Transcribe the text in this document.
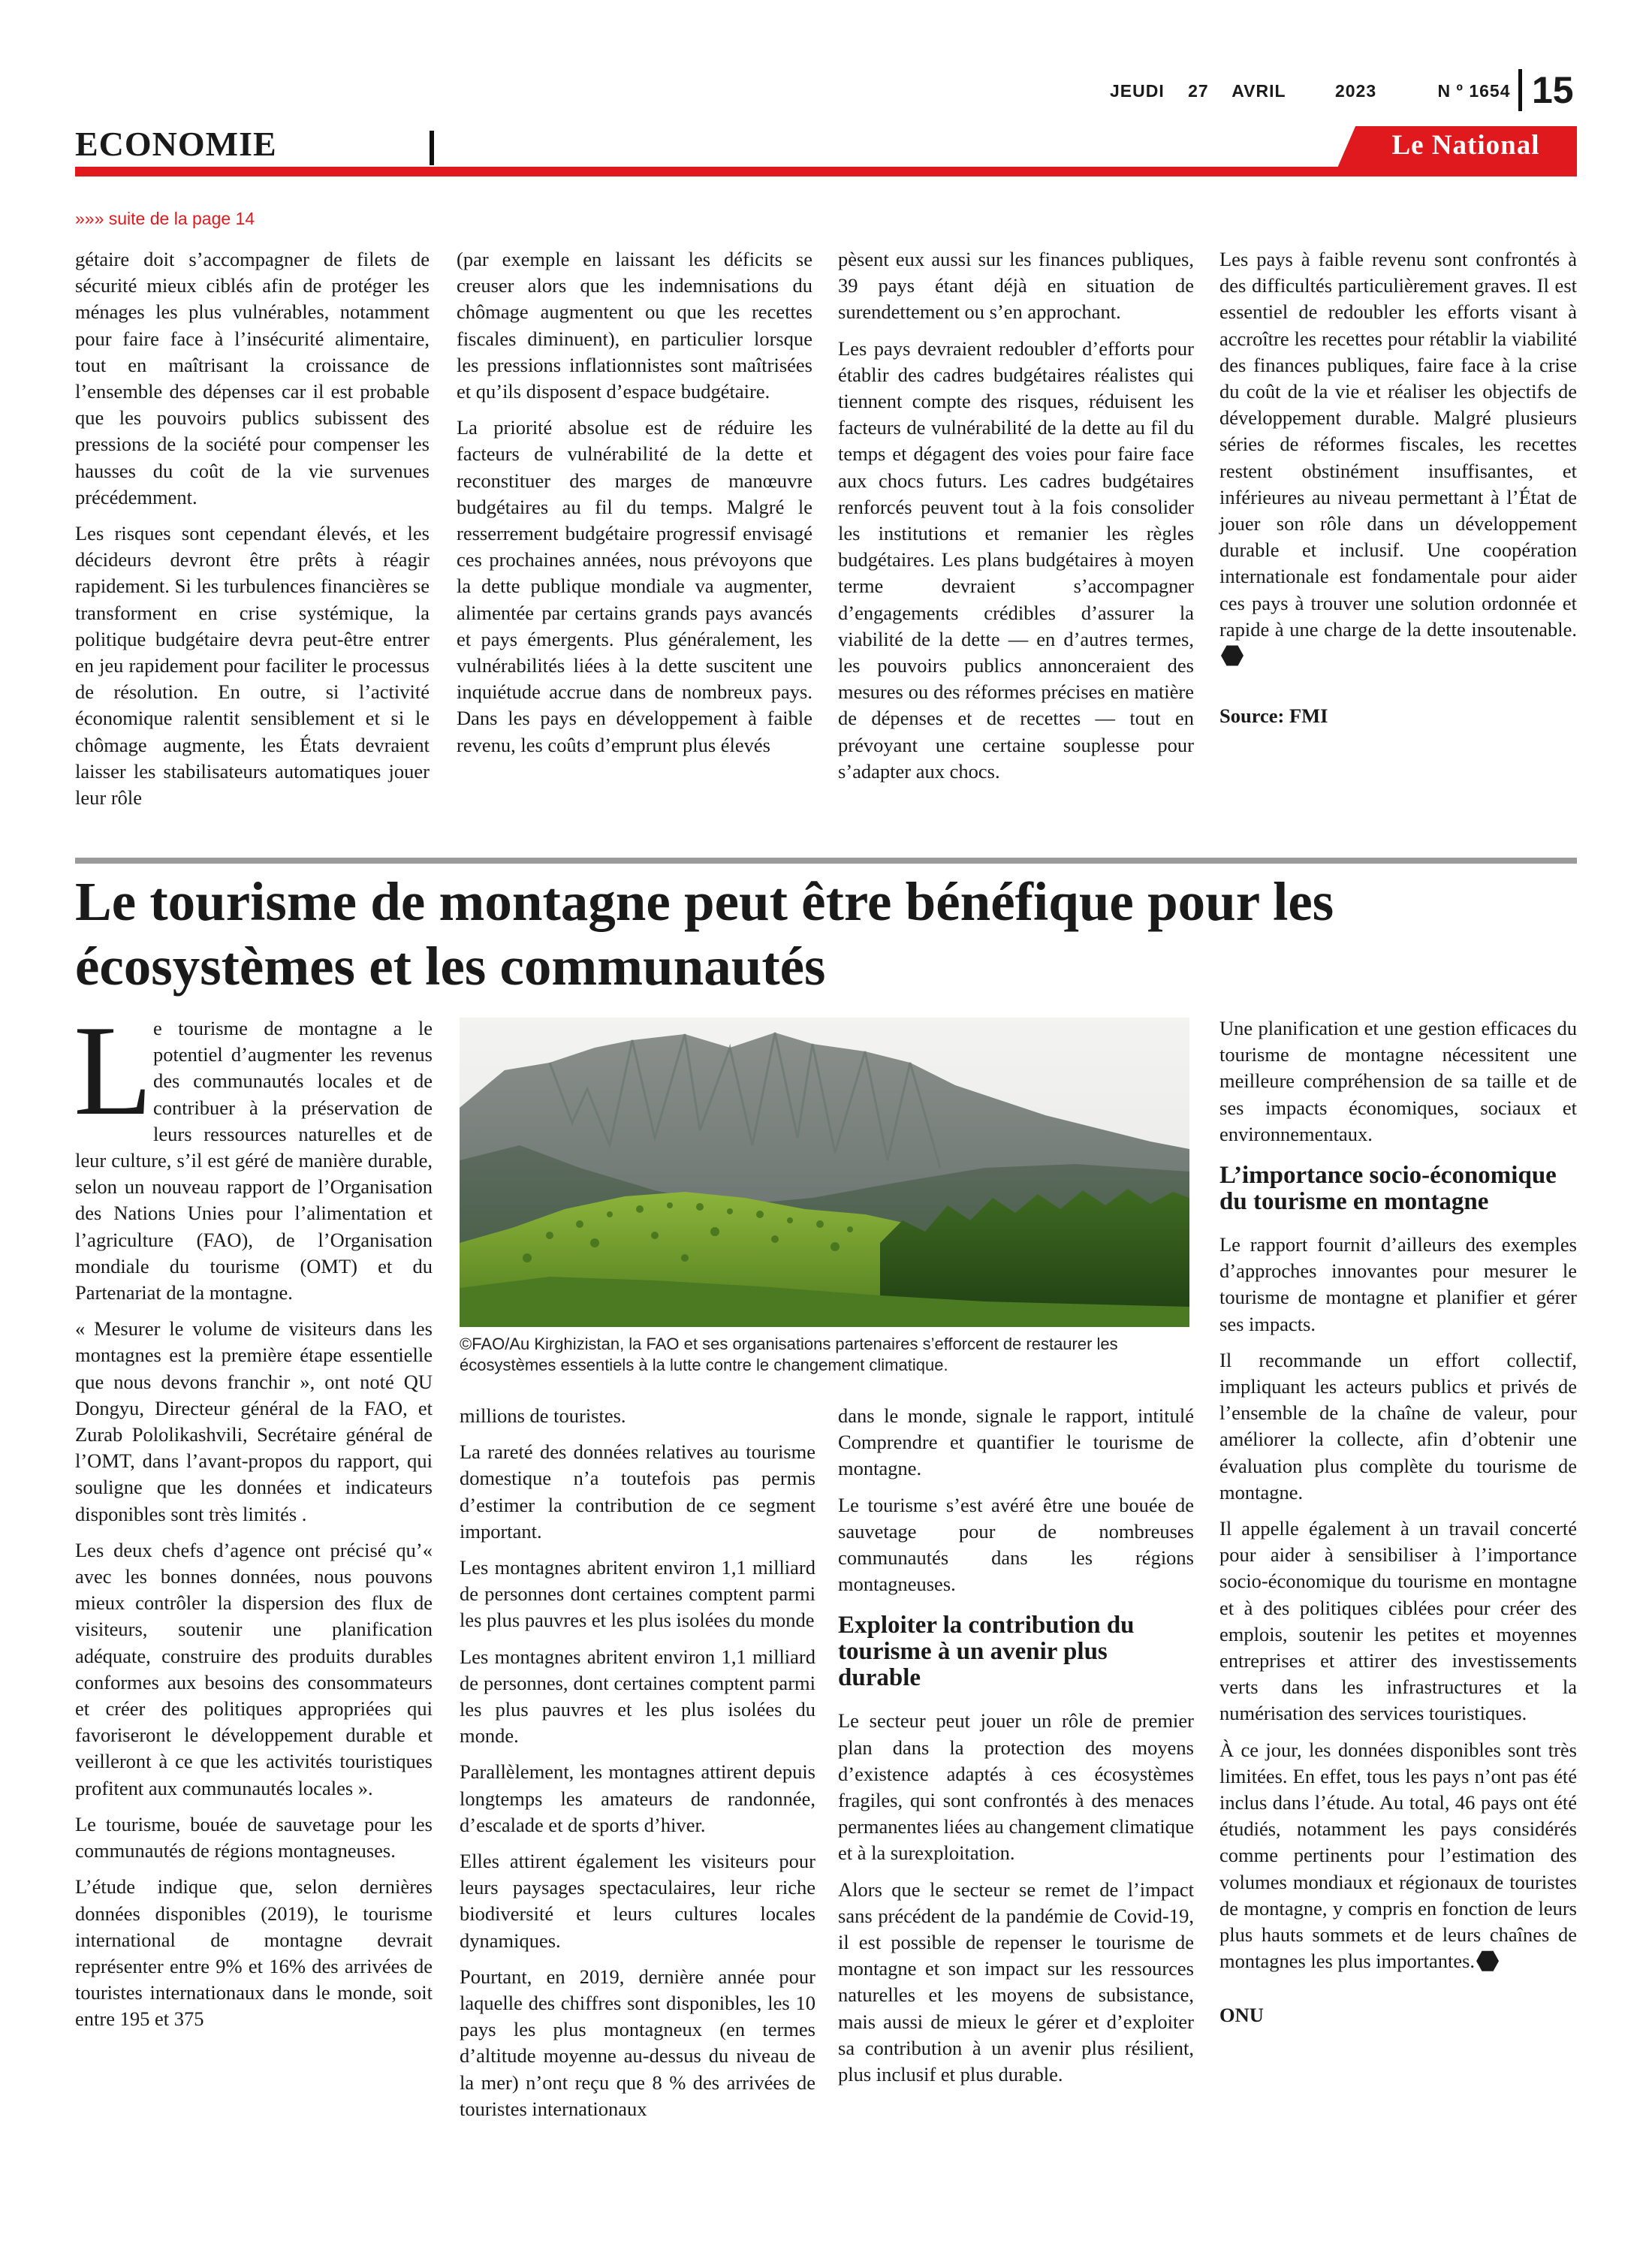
JEUDI 27 AVRIL	2023	N º 1654 15
ECONOMIE	Le National
»»» suite de la page 14

gétaire doit s’accompagner de filets de sécurité mieux ciblés afin de protéger les ménages les plus vulnérables, notamment pour faire face à l’insécurité alimentaire, tout en maîtrisant la croissance de l’ensemble des dépenses car il est probable que les pouvoirs publics subissent des pressions de la société pour compenser les hausses du coût de la vie survenues précédemment.

Les risques sont cependant élevés, et les décideurs devront être prêts à réagir rapidement. Si les turbulences financières se transforment en crise systémique, la politique budgétaire devra peut-être entrer en jeu rapidement pour faciliter le processus de résolution. En outre, si l’activité économique ralentit sensiblement et si le chômage augmente, les États devraient laisser les stabilisateurs automatiques jouer leur rôle

(par exemple en laissant les déficits se creuser alors que les indemnisations du chômage augmentent ou que les recettes fiscales diminuent), en particulier lorsque les pressions inflationnistes sont maîtrisées et qu’ils disposent d’espace budgétaire.

La priorité absolue est de réduire les facteurs de vulnérabilité de la dette et reconstituer des marges de manœuvre budgétaires au fil du temps. Malgré le resserrement budgétaire progressif envisagé ces prochaines années, nous prévoyons que la dette publique mondiale va augmenter, alimentée par certains grands pays avancés et pays émergents. Plus généralement, les vulnérabilités liées à la dette suscitent une inquiétude accrue dans de nombreux pays. Dans les pays en développement à faible revenu, les coûts d’emprunt plus élevés

pèsent eux aussi sur les finances publiques, 39 pays étant déjà en situation de surendettement ou s’en approchant.

Les pays devraient redoubler d’efforts pour établir des cadres budgétaires réalistes qui tiennent compte des risques, réduisent les facteurs de vulnérabilité de la dette au fil du temps et dégagent des voies pour faire face aux chocs futurs. Les cadres budgétaires renforcés peuvent tout à la fois consolider les institutions et remanier les règles budgétaires. Les plans budgétaires à moyen terme devraient s’accompagner d’engagements crédibles d’assurer la viabilité de la dette — en d’autres termes, les pouvoirs publics annonceraient des mesures ou des réformes précises en matière de dépenses et de recettes — tout en prévoyant une certaine souplesse pour s’adapter aux chocs.

Les pays à faible revenu sont confrontés à des difficultés particulièrement graves. Il est essentiel de redoubler les efforts visant à accroître les recettes pour rétablir la viabilité des finances publiques, faire face à la crise du coût de la vie et réaliser les objectifs de développement durable. Malgré plusieurs séries de réformes fiscales, les recettes restent obstinément insuffisantes, et inférieures au niveau permettant à l’État de jouer son rôle dans un développement durable et inclusif. Une coopération internationale est fondamentale pour aider ces pays à trouver une solution ordonnée et rapide à une charge de la dette insoutenable.

Source: FMI

Le tourisme de montagne peut être bénéfique pour les écosystèmes et les communautés

Le tourisme de montagne a le potentiel d’augmenter les revenus des communautés locales et de contribuer à la préservation de leurs ressources naturelles et de leur culture, s’il est géré de manière durable, selon un nouveau rapport de l’Organisation des Nations Unies pour l’alimentation et l’agriculture (FAO), de l’Organisation mondiale du tourisme (OMT) et du Partenariat de la montagne.

« Mesurer le volume de visiteurs dans les montagnes est la première étape essentielle que nous devons franchir », ont noté QU Dongyu, Directeur général de la FAO, et Zurab Pololikashvili, Secrétaire général de l’OMT, dans l’avant-propos du rapport, qui souligne que les données et indicateurs disponibles sont très limités .

Les deux chefs d’agence ont précisé qu’« avec les bonnes données, nous pouvons mieux contrôler la dispersion des flux de visiteurs, soutenir une planification adéquate, construire des produits durables conformes aux besoins des consommateurs et créer des politiques appropriées qui favoriseront le développement durable et veilleront à ce que les activités touristiques profitent aux communautés locales ».

Le tourisme, bouée de sauvetage pour les communautés de régions montagneuses.

L’étude indique que, selon dernières données disponibles (2019), le tourisme international de montagne devrait représenter entre 9% et 16% des arrivées de touristes internationaux dans le monde, soit entre 195 et 375

©FAO/Au Kirghizistan, la FAO et ses organisations partenaires s’efforcent de restaurer les écosystèmes essentiels à la lutte contre le changement climatique.

millions de touristes.

La rareté des données relatives au tourisme domestique n’a toutefois pas permis d’estimer la contribution de ce segment important.

Les montagnes abritent environ 1,1 milliard de personnes dont certaines comptent parmi les plus pauvres et les plus isolées du monde

Les montagnes abritent environ 1,1 milliard de personnes, dont certaines comptent parmi les plus pauvres et les plus isolées du monde.

Parallèlement, les montagnes attirent depuis longtemps les amateurs de randonnée, d’escalade et de sports d’hiver.

Elles attirent également les visiteurs pour leurs paysages spectaculaires, leur riche biodiversité et leurs cultures locales dynamiques.

Pourtant, en 2019, dernière année pour laquelle des chiffres sont disponibles, les 10 pays les plus montagneux (en termes d’altitude moyenne au-dessus du niveau de la mer) n’ont reçu que 8 % des arrivées de touristes internationaux

dans le monde, signale le rapport, intitulé Comprendre et quantifier le tourisme de montagne.

Le tourisme s’est avéré être une bouée de sauvetage pour de nombreuses communautés dans les régions montagneuses.

Exploiter la contribution du tourisme à un avenir plus durable

Le secteur peut jouer un rôle de premier plan dans la protection des moyens d’existence adaptés à ces écosystèmes fragiles, qui sont confrontés à des menaces permanentes liées au changement climatique et à la surexploitation.

Alors que le secteur se remet de l’impact sans précédent de la pandémie de Covid-19, il est possible de repenser le tourisme de montagne et son impact sur les ressources naturelles et les moyens de subsistance, mais aussi de mieux le gérer et d’exploiter sa contribution à un avenir plus résilient, plus inclusif et plus durable.

Une planification et une gestion efficaces du tourisme de montagne nécessitent une meilleure compréhension de sa taille et de ses impacts économiques, sociaux et environnementaux.

L’importance socio-économique du tourisme en montagne

Le rapport fournit d’ailleurs des exemples d’approches innovantes pour mesurer le tourisme de montagne et planifier et gérer ses impacts.

Il recommande un effort collectif, impliquant les acteurs publics et privés de l’ensemble de la chaîne de valeur, pour améliorer la collecte, afin d’obtenir une évaluation plus complète du tourisme de montagne.

Il appelle également à un travail concerté pour aider à sensibiliser à l’importance socio-économique du tourisme en montagne et à des politiques ciblées pour créer des emplois, soutenir les petites et moyennes entreprises et attirer des investissements verts dans les infrastructures et la numérisation des services touristiques.

À ce jour, les données disponibles sont très limitées. En effet, tous les pays n’ont pas été inclus dans l’étude. Au total, 46 pays ont été étudiés, notamment les pays considérés comme pertinents pour l’estimation des volumes mondiaux et régionaux de touristes de montagne, y compris en fonction de leurs plus hauts sommets et de leurs chaînes de montagnes les plus importantes.

ONU
